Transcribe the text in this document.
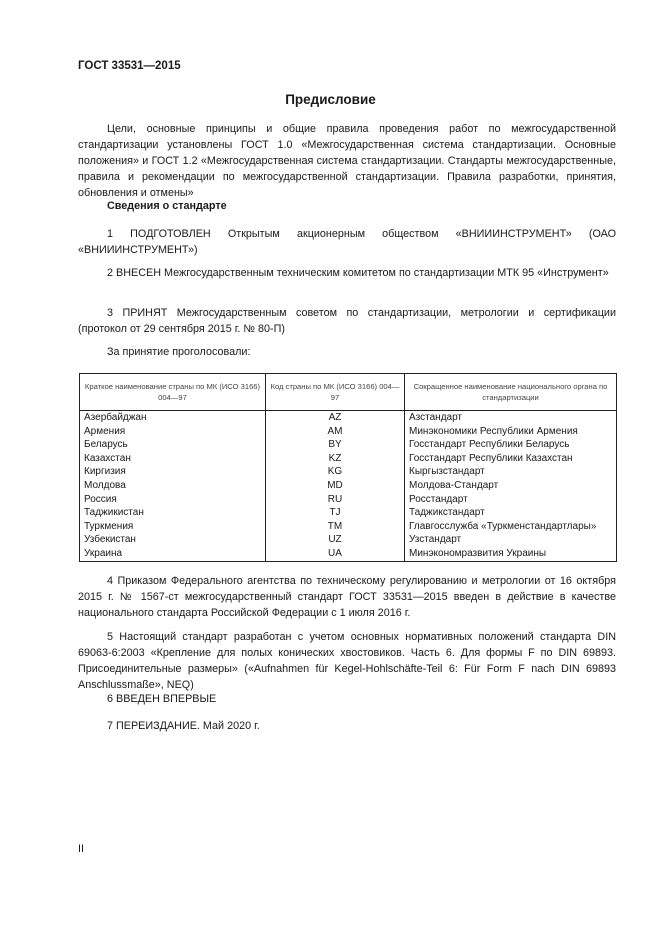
ГОСТ 33531—2015
Предисловие

Цели, основные принципы и общие правила проведения работ по межгосударственной стандартизации установлены ГОСТ 1.0 «Межгосударственная система стандартизации. Основные положения» и ГОСТ 1.2 «Межгосударственная система стандартизации. Стандарты межгосударственные, правила и рекомендации по межгосударственной стандартизации. Правила разработки, принятия, обновления и отмены»

Сведения о стандарте

1 ПОДГОТОВЛЕН Открытым акционерным обществом «ВНИИИНСТРУМЕНТ» (ОАО «ВНИИИНСТРУМЕНТ»)

2 ВНЕСЕН Межгосударственным техническим комитетом по стандартизации МТК 95 «Инструмент»

3 ПРИНЯТ Межгосударственным советом по стандартизации, метрологии и сертификации (протокол от 29 сентября 2015 г. № 80-П)

За принятие проголосовали:
Краткое наименование страны по МК (ИСО 3166) 004—97	Код страны по МК (ИСО 3166) 004—97	Сокращенное наименование национального органа по стандартизации
Азербайджан	AZ	Азстандарт
Армения	AM	Минэкономики Республики Армения
Беларусь	BY	Госстандарт Республики Беларусь
Казахстан	KZ	Госстандарт Республики Казахстан
Киргизия	KG	Кыргызстандарт
Молдова	MD	Молдова-Стандарт
Россия	RU	Росстандарт
Таджикистан	TJ	Таджикстандарт
Туркмения	TM	Главгосслужба «Туркменстандартлары»
Узбекистан	UZ	Узстандарт
Украина	UA	Минэкономразвития Украины

4 Приказом Федерального агентства по техническому регулированию и метрологии от 16 октября 2015 г. № 1567-ст межгосударственный стандарт ГОСТ 33531—2015 введен в действие в качестве национального стандарта Российской Федерации с 1 июля 2016 г.

5 Настоящий стандарт разработан с учетом основных нормативных положений стандарта DIN 69063-6:2003 «Крепление для полых конических хвостовиков. Часть 6. Для формы F по DIN 69893. Присоединительные размеры» («Aufnahmen für Kegel-Hohlschäfte-Teil 6: Für Form F nach DIN 69893 Anschlussmaße», NEQ)

6 ВВЕДЕН ВПЕРВЫЕ

7 ПЕРЕИЗДАНИЕ. Май 2020 г.

II
